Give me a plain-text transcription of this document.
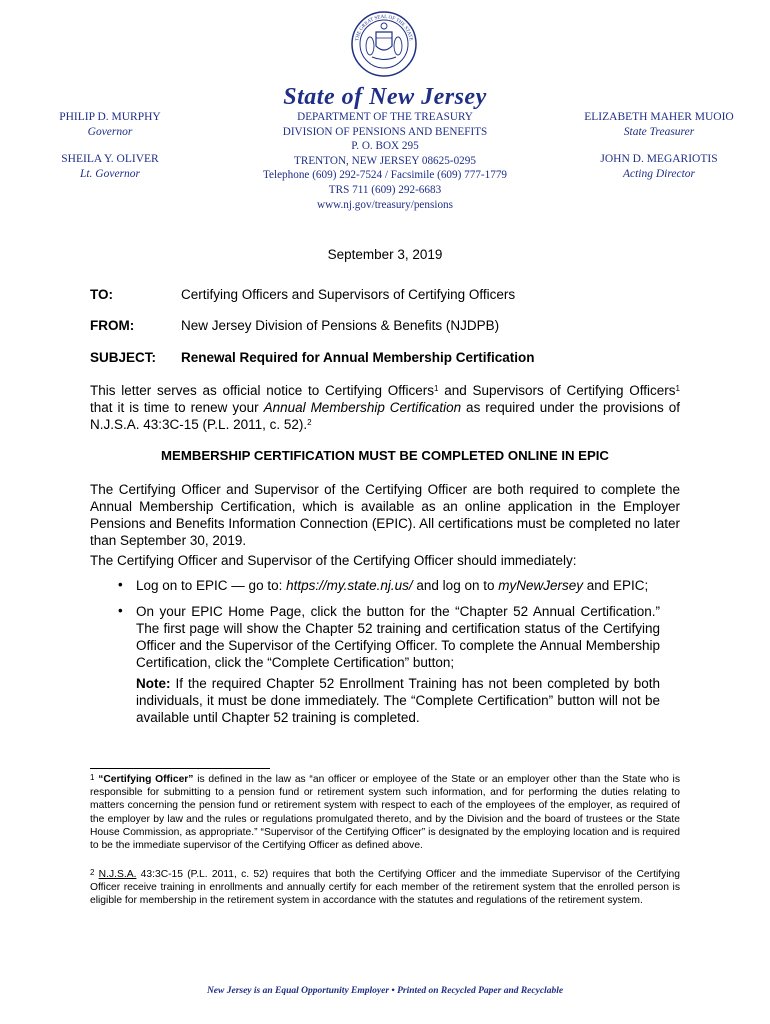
THE GREAT SEAL OF THE STATE
State of New Jersey
PHILIP D. MURPHY
Governor
SHEILA Y. OLIVER
Lt. Governor
DEPARTMENT OF THE TREASURY
DIVISION OF PENSIONS AND BENEFITS
P. O. BOX 295
TRENTON, NEW JERSEY 08625-0295
Telephone (609) 292-7524 / Facsimile (609) 777-1779
TRS 711 (609) 292-6683
www.nj.gov/treasury/pensions
ELIZABETH MAHER MUOIO
State Treasurer
JOHN D. MEGARIOTIS
Acting Director
September 3, 2019
TO:	Certifying Officers and Supervisors of Certifying Officers
FROM:	New Jersey Division of Pensions & Benefits (NJDPB)
SUBJECT: Renewal Required for Annual Membership Certification
This letter serves as official notice to Certifying Officers$^1$ and Supervisors of Certifying Officers$^1$ that it is time to renew your Annual Membership Certification as required under the provisions of N.J.S.A. 43:3C-15 (P.L. 2011, c. 52).$^2$
MEMBERSHIP CERTIFICATION MUST BE COMPLETED ONLINE IN EPIC
The Certifying Officer and Supervisor of the Certifying Officer are both required to complete the Annual Membership Certification, which is available as an online application in the Employer Pensions and Benefits Information Connection (EPIC). All certifications must be completed no later than September 30, 2019.
The Certifying Officer and Supervisor of the Certifying Officer should immediately:
• Log on to EPIC — go to: https://my.state.nj.us/ and log on to myNewJersey and EPIC;
• On your EPIC Home Page, click the button for the “Chapter 52 Annual Certification.” The first page will show the Chapter 52 training and certification status of the Certifying Officer and the Supervisor of the Certifying Officer. To complete the Annual Membership Certification, click the “Complete Certification” button;
Note: If the required Chapter 52 Enrollment Training has not been completed by both individuals, it must be done immediately. The “Complete Certification” button will not be available until Chapter 52 training is completed.
$^1$ “Certifying Officer” is defined in the law as “an officer or employee of the State or an employer other than the State who is responsible for submitting to a pension fund or retirement system such information, and for performing the duties relating to matters concerning the pension fund or retirement system with respect to each of the employees of the employer, as required of the employer by law and the rules or regulations promulgated thereto, and by the Division and the board of trustees or the State House Commission, as appropriate.” “Supervisor of the Certifying Officer” is designated by the employing location and is required to be the immediate supervisor of the Certifying Officer as defined above.
$^2$ N.J.S.A. 43:3C-15 (P.L. 2011, c. 52) requires that both the Certifying Officer and the immediate Supervisor of the Certifying Officer receive training in enrollments and annually certify for each member of the retirement system that the enrolled person is eligible for membership in the retirement system in accordance with the statutes and regulations of the retirement system.
New Jersey is an Equal Opportunity Employer • Printed on Recycled Paper and Recyclable
